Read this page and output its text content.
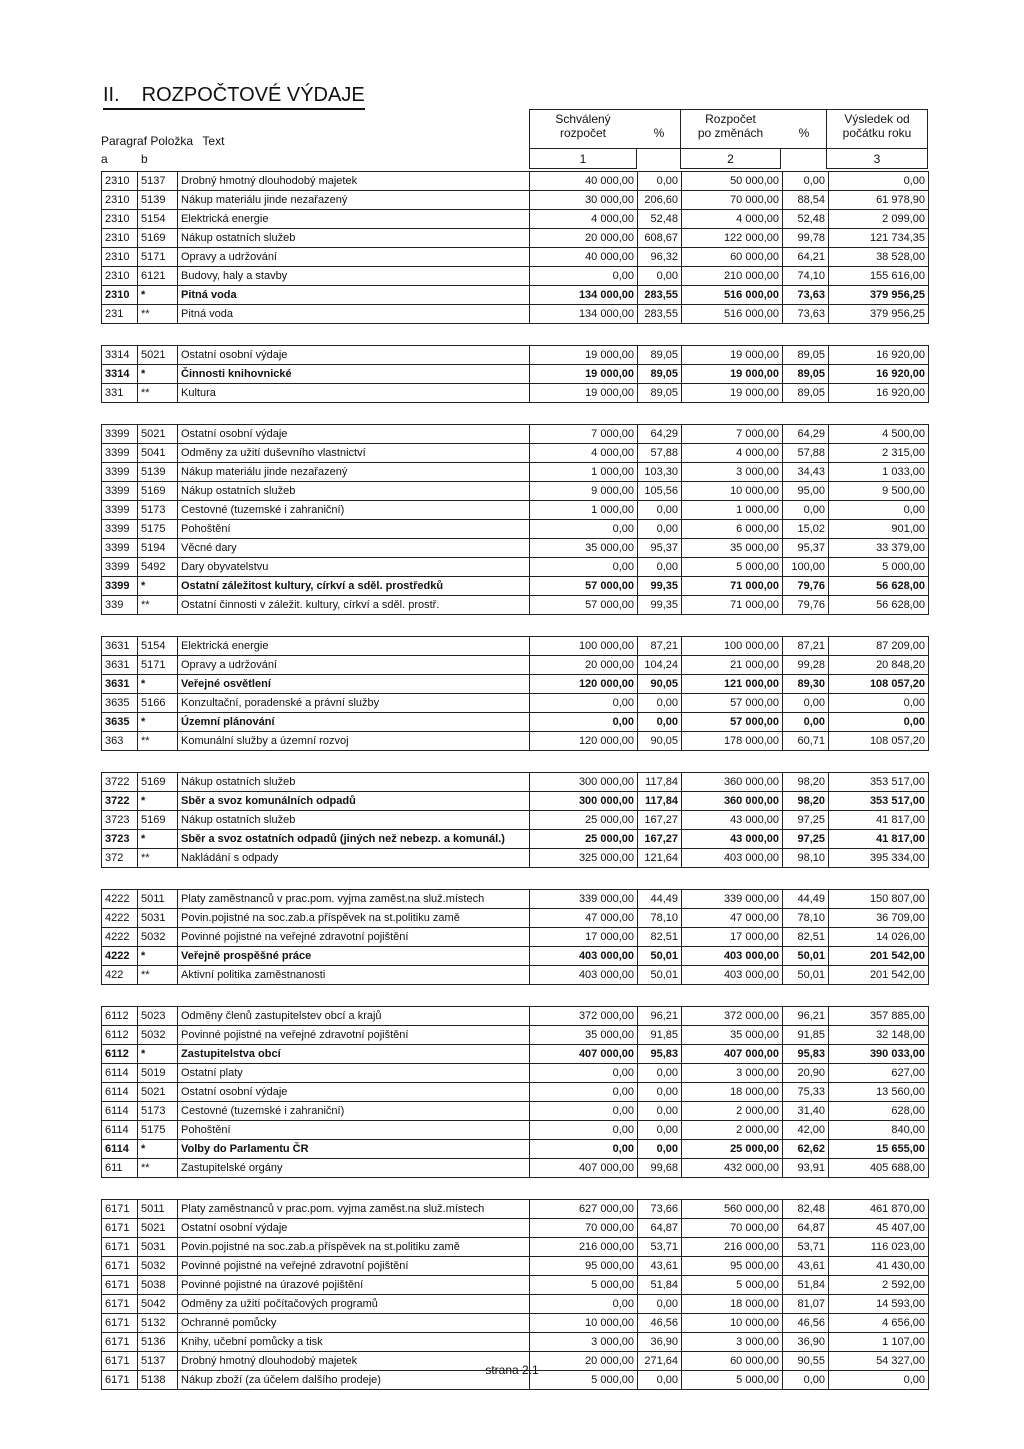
II. ROZPOČTOVÉ VÝDAJE
Schválený
rozpočet	%
Rozpočet
po změnách	%
Výsledek od
počátku roku
1	2	3
Paragraf Položka Text
a	b
2310	5137	Drobný hmotný dlouhodobý majetek	40 000,00	0,00	50 000,00	0,00	0,00
2310	5139	Nákup materiálu jinde nezařazený	30 000,00	206,60	70 000,00	88,54	61 978,90
2310	5154	Elektrická energie	4 000,00	52,48	4 000,00	52,48	2 099,00
2310	5169	Nákup ostatních služeb	20 000,00	608,67	122 000,00	99,78	121 734,35
2310	5171	Opravy a udržování	40 000,00	96,32	60 000,00	64,21	38 528,00
2310	6121	Budovy, haly a stavby	0,00	0,00	210 000,00	74,10	155 616,00
2310	*	Pitná voda	134 000,00	283,55	516 000,00	73,63	379 956,25
231	**	Pitná voda	134 000,00	283,55	516 000,00	73,63	379 956,25
3314	5021	Ostatní osobní výdaje	19 000,00	89,05	19 000,00	89,05	16 920,00
3314	*	Činnosti knihovnické	19 000,00	89,05	19 000,00	89,05	16 920,00
331	**	Kultura	19 000,00	89,05	19 000,00	89,05	16 920,00
3399	5021	Ostatní osobní výdaje	7 000,00	64,29	7 000,00	64,29	4 500,00
3399	5041	Odměny za užití duševního vlastnictví	4 000,00	57,88	4 000,00	57,88	2 315,00
3399	5139	Nákup materiálu jinde nezařazený	1 000,00	103,30	3 000,00	34,43	1 033,00
3399	5169	Nákup ostatních služeb	9 000,00	105,56	10 000,00	95,00	9 500,00
3399	5173	Cestovné (tuzemské i zahraniční)	1 000,00	0,00	1 000,00	0,00	0,00
3399	5175	Pohoštění	0,00	0,00	6 000,00	15,02	901,00
3399	5194	Věcné dary	35 000,00	95,37	35 000,00	95,37	33 379,00
3399	5492	Dary obyvatelstvu	0,00	0,00	5 000,00	100,00	5 000,00
3399	*	Ostatní záležitost kultury, církví a sděl. prostředků	57 000,00	99,35	71 000,00	79,76	56 628,00
339	**	Ostatní činnosti v záležit. kultury, církví a sděl. prostř.	57 000,00	99,35	71 000,00	79,76	56 628,00
3631	5154	Elektrická energie	100 000,00	87,21	100 000,00	87,21	87 209,00
3631	5171	Opravy a udržování	20 000,00	104,24	21 000,00	99,28	20 848,20
3631	*	Veřejné osvětlení	120 000,00	90,05	121 000,00	89,30	108 057,20
3635	5166	Konzultační, poradenské a právní služby	0,00	0,00	57 000,00	0,00	0,00
3635	*	Územní plánování	0,00	0,00	57 000,00	0,00	0,00
363	**	Komunální služby a územní rozvoj	120 000,00	90,05	178 000,00	60,71	108 057,20
3722	5169	Nákup ostatních služeb	300 000,00	117,84	360 000,00	98,20	353 517,00
3722	*	Sběr a svoz komunálních odpadů	300 000,00	117,84	360 000,00	98,20	353 517,00
3723	5169	Nákup ostatních služeb	25 000,00	167,27	43 000,00	97,25	41 817,00
3723	*	Sběr a svoz ostatních odpadů (jiných než nebezp. a komunál.)	25 000,00	167,27	43 000,00	97,25	41 817,00
372	**	Nakládání s odpady	325 000,00	121,64	403 000,00	98,10	395 334,00
4222	5011	Platy zaměstnanců v prac.pom. vyjma zaměst.na služ.místech	339 000,00	44,49	339 000,00	44,49	150 807,00
4222	5031	Povin.pojistné na soc.zab.a příspěvek na st.politiku zamě	47 000,00	78,10	47 000,00	78,10	36 709,00
4222	5032	Povinné pojistné na veřejné zdravotní pojištění	17 000,00	82,51	17 000,00	82,51	14 026,00
4222	*	Veřejně prospěšné práce	403 000,00	50,01	403 000,00	50,01	201 542,00
422	**	Aktivní politika zaměstnanosti	403 000,00	50,01	403 000,00	50,01	201 542,00
6112	5023	Odměny členů zastupitelstev obcí a krajů	372 000,00	96,21	372 000,00	96,21	357 885,00
6112	5032	Povinné pojistné na veřejné zdravotní pojištění	35 000,00	91,85	35 000,00	91,85	32 148,00
6112	*	Zastupitelstva obcí	407 000,00	95,83	407 000,00	95,83	390 033,00
6114	5019	Ostatní platy	0,00	0,00	3 000,00	20,90	627,00
6114	5021	Ostatní osobní výdaje	0,00	0,00	18 000,00	75,33	13 560,00
6114	5173	Cestovné (tuzemské i zahraniční)	0,00	0,00	2 000,00	31,40	628,00
6114	5175	Pohoštění	0,00	0,00	2 000,00	42,00	840,00
6114	*	Volby do Parlamentu ČR	0,00	0,00	25 000,00	62,62	15 655,00
611	**	Zastupitelské orgány	407 000,00	99,68	432 000,00	93,91	405 688,00
6171	5011	Platy zaměstnanců v prac.pom. vyjma zaměst.na služ.místech	627 000,00	73,66	560 000,00	82,48	461 870,00
6171	5021	Ostatní osobní výdaje	70 000,00	64,87	70 000,00	64,87	45 407,00
6171	5031	Povin.pojistné na soc.zab.a příspěvek na st.politiku zamě	216 000,00	53,71	216 000,00	53,71	116 023,00
6171	5032	Povinné pojistné na veřejné zdravotní pojištění	95 000,00	43,61	95 000,00	43,61	41 430,00
6171	5038	Povinné pojistné na úrazové pojištění	5 000,00	51,84	5 000,00	51,84	2 592,00
6171	5042	Odměny za užití počítačových programů	0,00	0,00	18 000,00	81,07	14 593,00
6171	5132	Ochranné pomůcky	10 000,00	46,56	10 000,00	46,56	4 656,00
6171	5136	Knihy, učební pomůcky a tisk	3 000,00	36,90	3 000,00	36,90	1 107,00
6171	5137	Drobný hmotný dlouhodobý majetek	20 000,00	271,64	60 000,00	90,55	54 327,00
6171	5138	Nákup zboží (za účelem dalšího prodeje)	5 000,00	0,00	5 000,00	0,00	0,00
strana 2.1
